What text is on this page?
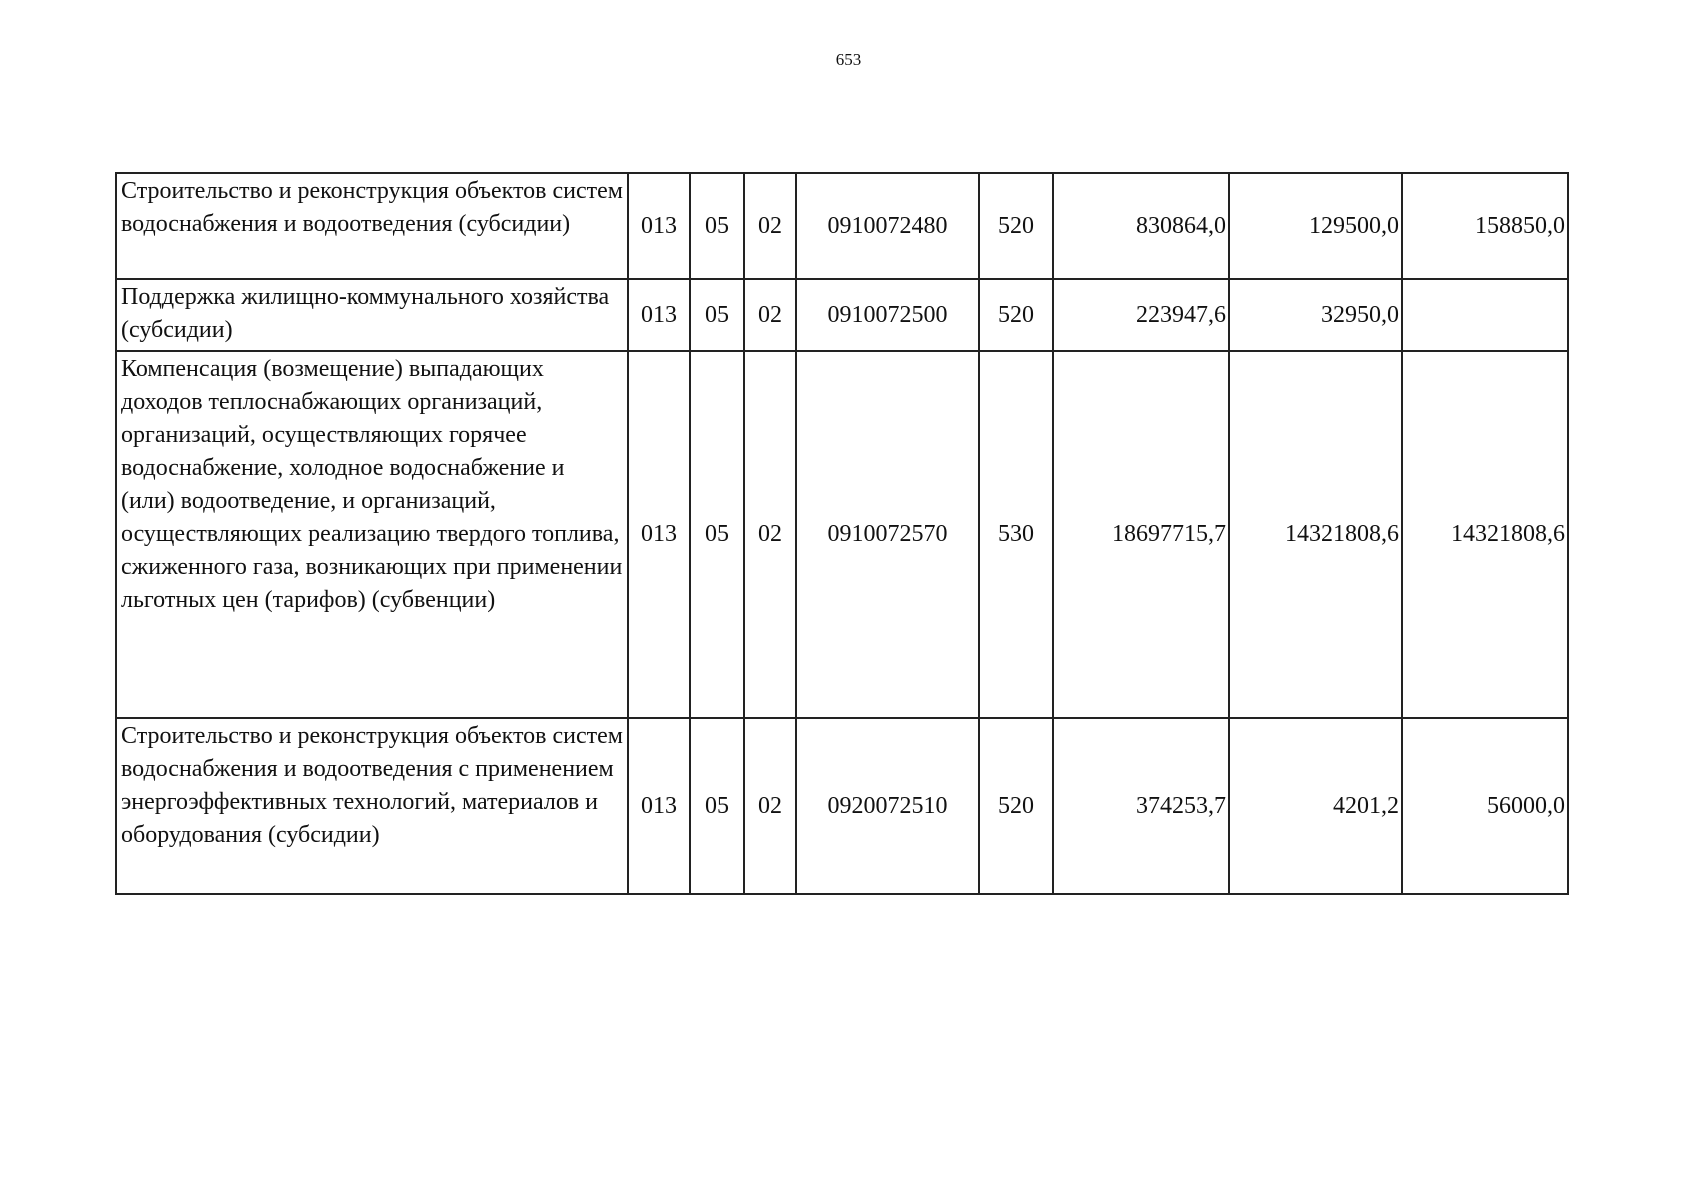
653
Строительство и реконструкция объектов систем водоснабжения и водоотведения (субсидии)	013	05	02	0910072480	520	830864,0	129500,0	158850,0
Поддержка жилищно-коммунального хозяйства (субсидии)	013	05	02	0910072500	520	223947,6	32950,0	
Компенсация (возмещение) выпадающих доходов теплоснабжающих организаций, организаций, осуществляющих горячее водоснабжение, холодное водоснабжение и (или) водоотведение, и организаций, осуществляющих реализацию твердого топлива, сжиженного газа, возникающих при применении льготных цен (тарифов) (субвенции)	013	05	02	0910072570	530	18697715,7	14321808,6	14321808,6
Строительство и реконструкция объектов систем водоснабжения и водоотведения с применением энергоэффективных технологий, материалов и оборудования (субсидии)	013	05	02	0920072510	520	374253,7	4201,2	56000,0
